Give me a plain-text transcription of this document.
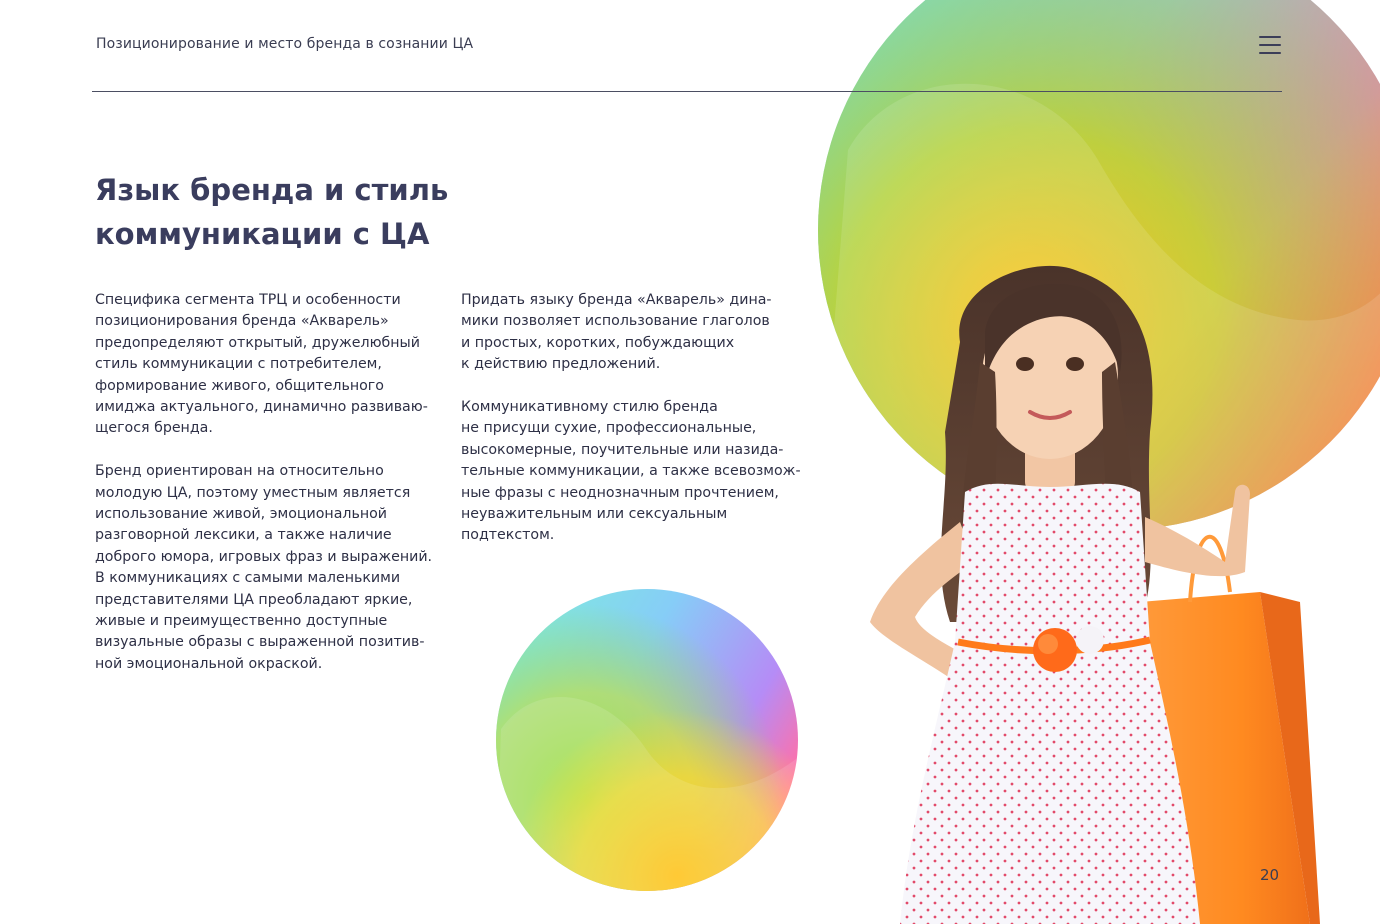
Позиционирование и место бренда в сознании ЦА
Язык бренда и стиль
коммуникации с ЦА

Специфика сегмента ТРЦ и особенности
позиционирования бренда «Акварель»
предопределяют открытый, дружелюбный
стиль коммуникации с потребителем,
формирование живого, общительного
имиджа актуального, динамично развиваю-
щегося бренда.

Бренд ориентирован на относительно
молодую ЦА, поэтому уместным является
использование живой, эмоциональной
разговорной лексики, а также наличие
доброго юмора, игровых фраз и выражений.
В коммуникациях с самыми маленькими
представителями ЦА преобладают яркие,
живые и преимущественно доступные
визуальные образы с выраженной позитив-
ной эмоциональной окраской.

Придать языку бренда «Акварель» дина-
мики позволяет использование глаголов
и простых, коротких, побуждающих
к действию предложений.

Коммуникативному стилю бренда
не присущи сухие, профессиональные,
высокомерные, поучительные или назида-
тельные коммуникации, а также всевозмож-
ные фразы с неоднозначным прочтением,
неуважительным или сексуальным
подтекстом.

20
